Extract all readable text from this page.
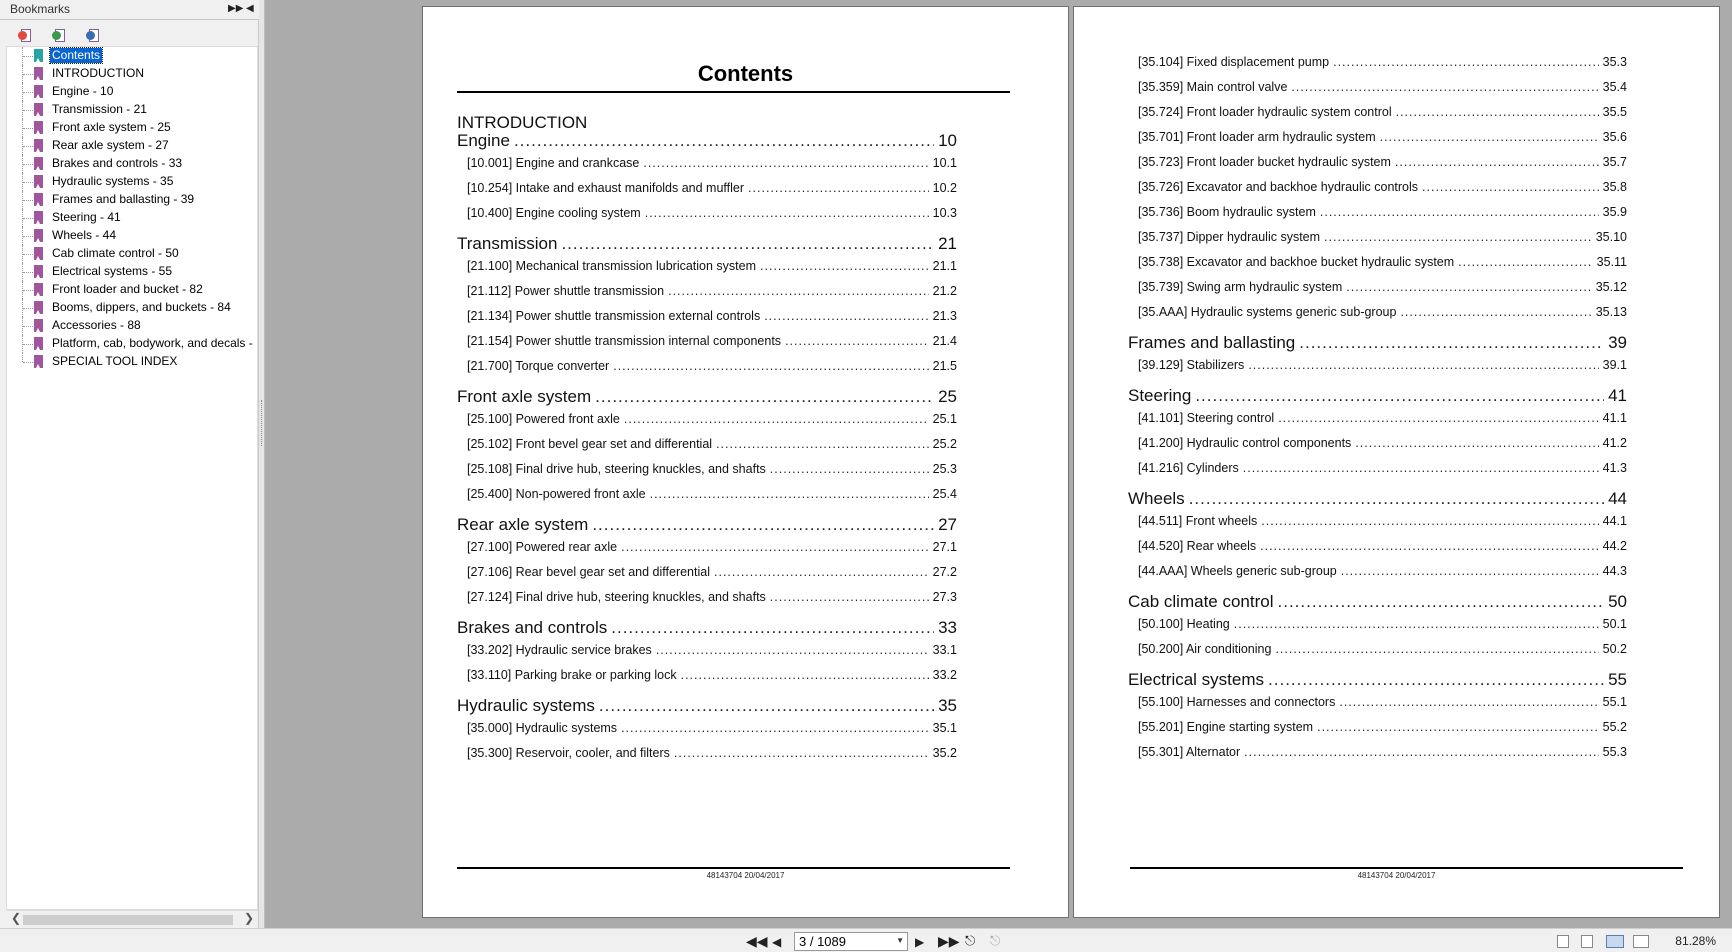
Bookmarks	▶▶ ◀
Contents
INTRODUCTION
Engine - 10
Transmission - 21
Front axle system - 25
Rear axle system - 27
Brakes and controls - 33
Hydraulic systems - 35
Frames and ballasting - 39
Steering - 41
Wheels - 44
Cab climate control - 50
Electrical systems - 55
Front loader and bucket - 82
Booms, dippers, and buckets - 84
Accessories - 88
Platform, cab, bodywork, and decals -
SPECIAL TOOL INDEX
❮	❯
Contents
INTRODUCTION
Engine .....	10
[10.001] Engine and crankcase .....	10.1
[10.254] Intake and exhaust manifolds and muffler .....	10.2
[10.400] Engine cooling system .....	10.3
Transmission .....	21
[21.100] Mechanical transmission lubrication system .....	21.1
[21.112] Power shuttle transmission .....	21.2
[21.134] Power shuttle transmission external controls .....	21.3
[21.154] Power shuttle transmission internal components .....	21.4
[21.700] Torque converter .....	21.5
Front axle system .....	25
[25.100] Powered front axle .....	25.1
[25.102] Front bevel gear set and differential .....	25.2
[25.108] Final drive hub, steering knuckles, and shafts .....	25.3
[25.400] Non-powered front axle .....	25.4
Rear axle system .....	27
[27.100] Powered rear axle .....	27.1
[27.106] Rear bevel gear set and differential .....	27.2
[27.124] Final drive hub, steering knuckles, and shafts .....	27.3
Brakes and controls .....	33
[33.202] Hydraulic service brakes .....	33.1
[33.110] Parking brake or parking lock .....	33.2
Hydraulic systems .....	35
[35.000] Hydraulic systems .....	35.1
[35.300] Reservoir, cooler, and filters .....	35.2
48143704 20/04/2017
[35.104] Fixed displacement pump .....	35.3
[35.359] Main control valve .....	35.4
[35.724] Front loader hydraulic system control .....	35.5
[35.701] Front loader arm hydraulic system .....	35.6
[35.723] Front loader bucket hydraulic system .....	35.7
[35.726] Excavator and backhoe hydraulic controls .....	35.8
[35.736] Boom hydraulic system .....	35.9
[35.737] Dipper hydraulic system .....	35.10
[35.738] Excavator and backhoe bucket hydraulic system .....	35.11
[35.739] Swing arm hydraulic system .....	35.12
[35.AAA] Hydraulic systems generic sub-group .....	35.13
Frames and ballasting .....	39
[39.129] Stabilizers .....	39.1
Steering .....	41
[41.101] Steering control .....	41.1
[41.200] Hydraulic control components .....	41.2
[41.216] Cylinders .....	41.3
Wheels .....	44
[44.511] Front wheels .....	44.1
[44.520] Rear wheels .....	44.2
[44.AAA] Wheels generic sub-group .....	44.3
Cab climate control .....	50
[50.100] Heating .....	50.1
[50.200] Air conditioning .....	50.2
Electrical systems .....	55
[55.100] Harnesses and connectors .....	55.1
[55.201] Engine starting system .....	55.2
[55.301] Alternator .....	55.3
48143704 20/04/2017
◀◀ ◀	3 / 1089	▼ ▶ ▶▶ ⎋ ⎋	81.28%
